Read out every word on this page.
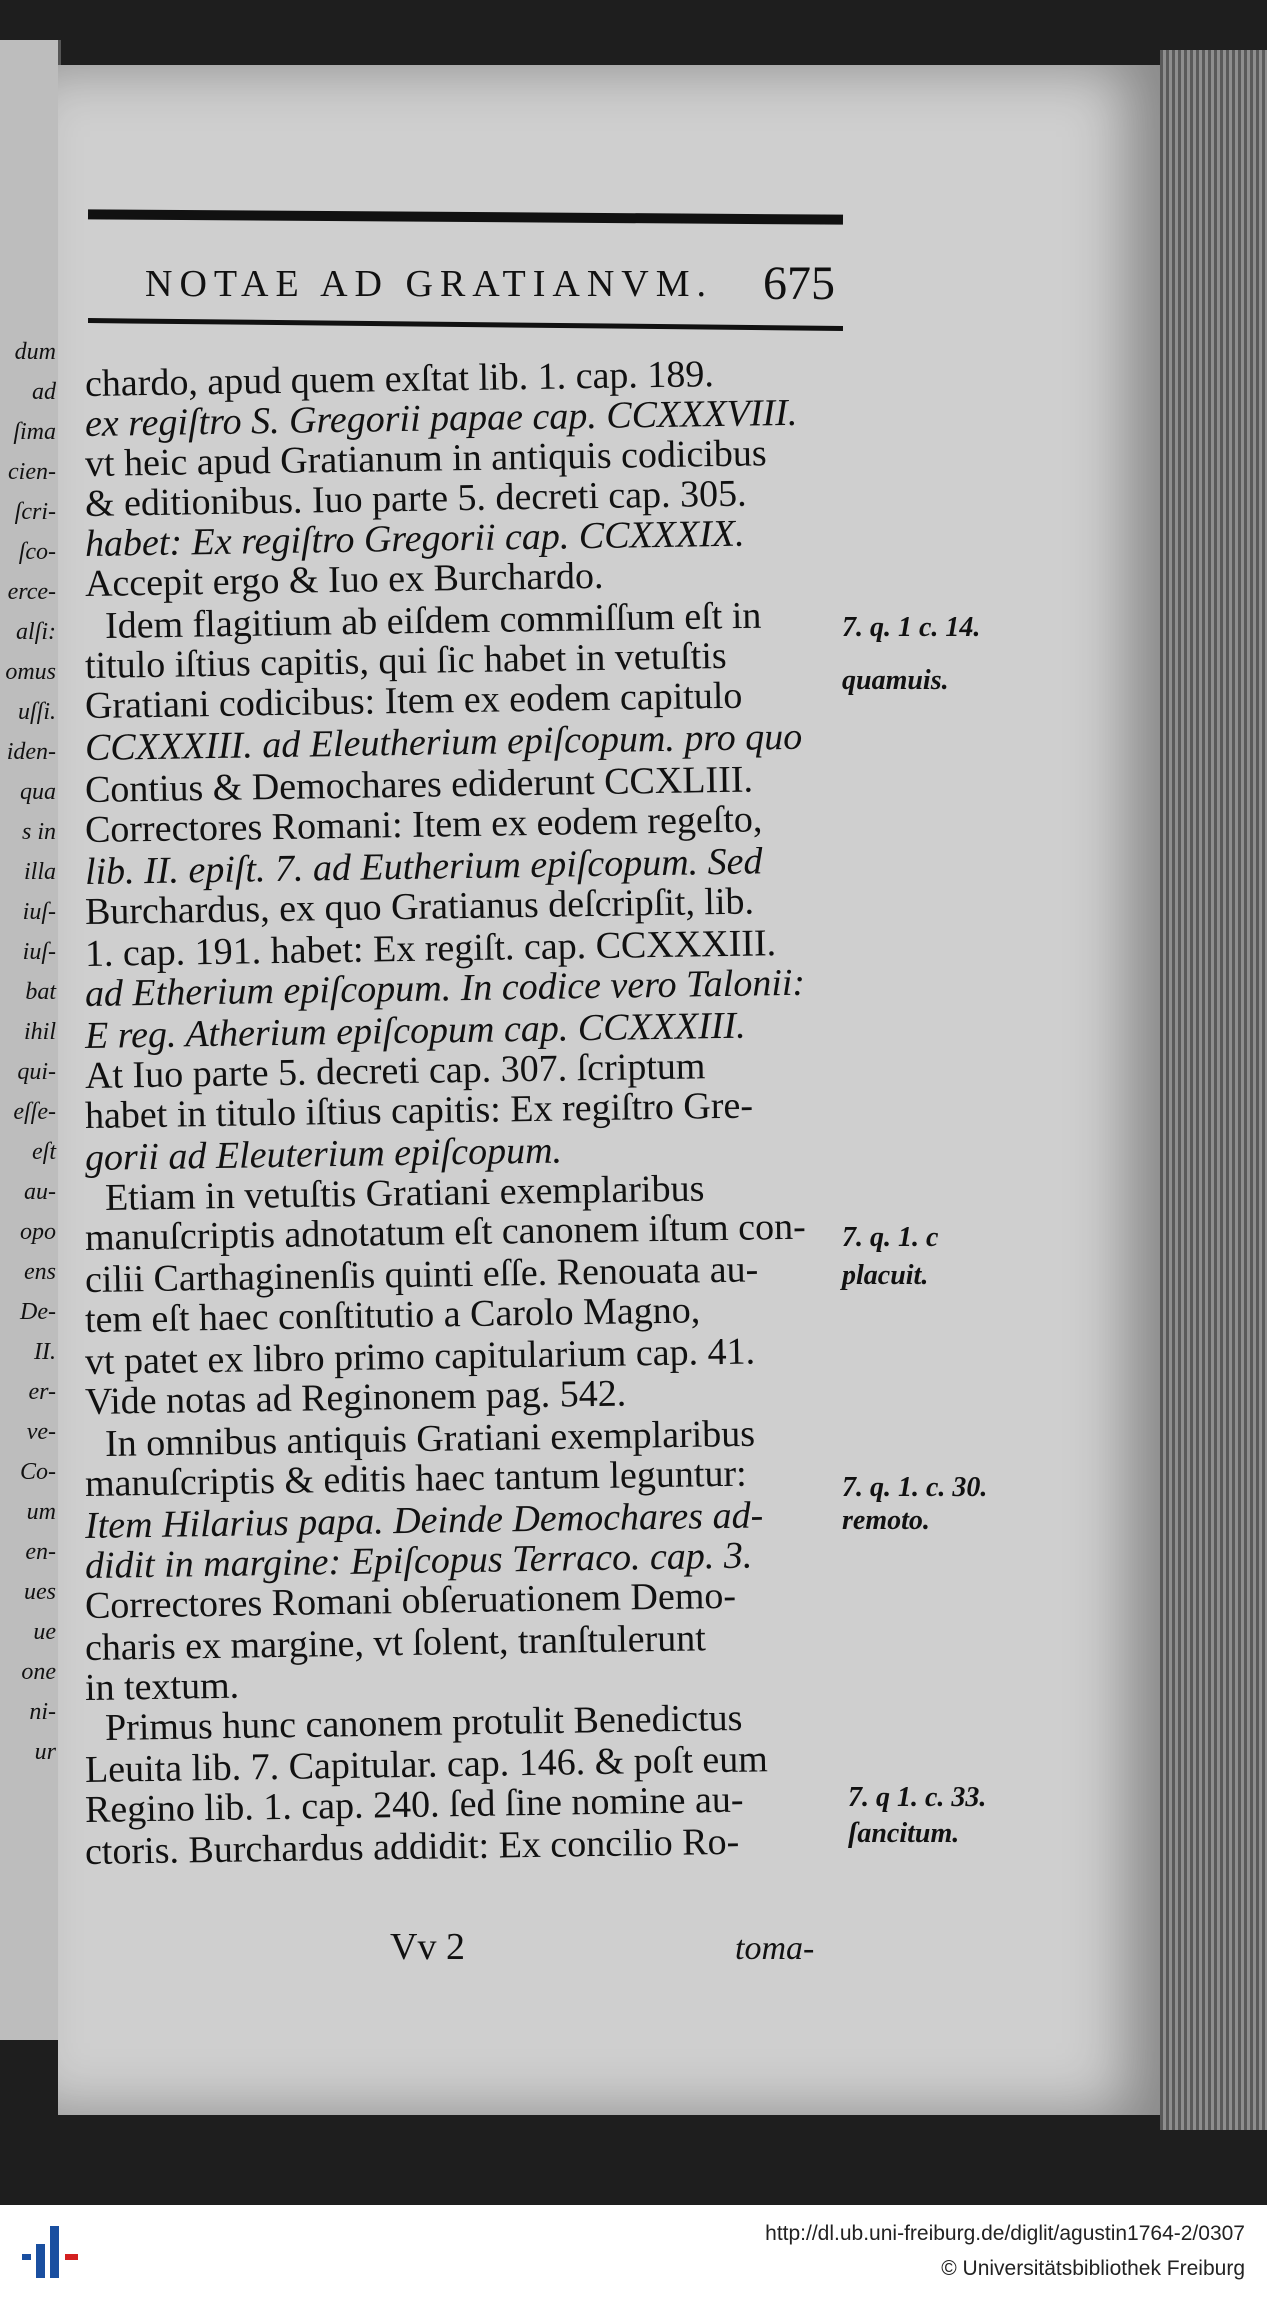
dum
ad
ſima
cien-
ſcri-
ſco-
erce-
alſi:
omus
uſſi.
iden-
qua
s in
illa
iuſ-
iuſ-
bat
ihil
qui-
eſſe-
eſt
au-
opo
ens
De-
II.
er-
ve-
Co-
um
en-
ues
ue
one
ni-
ur
NOTAE AD GRATIANVM. 675
chardo, apud quem exſtat lib. 1. cap. 189.
ex regiſtro S. Gregorii papae cap. CCXXXVIII.
vt heic apud Gratianum in antiquis codicibus
& editionibus. Iuo parte 5. decreti cap. 305.
habet: Ex regiſtro Gregorii cap. CCXXXIX.
Accepit ergo & Iuo ex Burchardo.
Idem flagitium ab eiſdem commiſſum eſt in
titulo iſtius capitis, qui ſic habet in vetuſtis
Gratiani codicibus: Item ex eodem capitulo
CCXXXIII. ad Eleutherium epiſcopum. pro quo
Contius & Demochares ediderunt CCXLIII.
Correctores Romani: Item ex eodem regeſto,
lib. II. epiſt. 7. ad Eutherium epiſcopum. Sed
Burchardus, ex quo Gratianus deſcripſit, lib.
1. cap. 191. habet: Ex regiſt. cap. CCXXXIII.
ad Etherium epiſcopum. In codice vero Talonii:
E reg. Atherium epiſcopum cap. CCXXXIII.
At Iuo parte 5. decreti cap. 307. ſcriptum
habet in titulo iſtius capitis: Ex regiſtro Gre-
gorii ad Eleuterium epiſcopum.
Etiam in vetuſtis Gratiani exemplaribus
manuſcriptis adnotatum eſt canonem iſtum con-
cilii Carthaginenſis quinti eſſe. Renouata au-
tem eſt haec conſtitutio a Carolo Magno,
vt patet ex libro primo capitularium cap. 41.
Vide notas ad Reginonem pag. 542.
In omnibus antiquis Gratiani exemplaribus
manuſcriptis & editis haec tantum leguntur:
Item Hilarius papa. Deinde Demochares ad-
didit in margine: Epiſcopus Terraco. cap. 3.
Correctores Romani obſeruationem Demo-
charis ex margine, vt ſolent, tranſtulerunt
in textum.
Primus hunc canonem protulit Benedictus
Leuita lib. 7. Capitular. cap. 146. & poſt eum
Regino lib. 1. cap. 240. ſed ſine nomine au-
ctoris. Burchardus addidit: Ex concilio Ro-
7. q. 1 c. 14.
quamuis.
7. q. 1. c
placuit.
7. q. 1. c. 30.
remoto.
7. q 1. c. 33.
ſancitum.
Vv 2	toma-
http://dl.ub.uni-freiburg.de/diglit/agustin1764-2/0307
© Universitätsbibliothek Freiburg
